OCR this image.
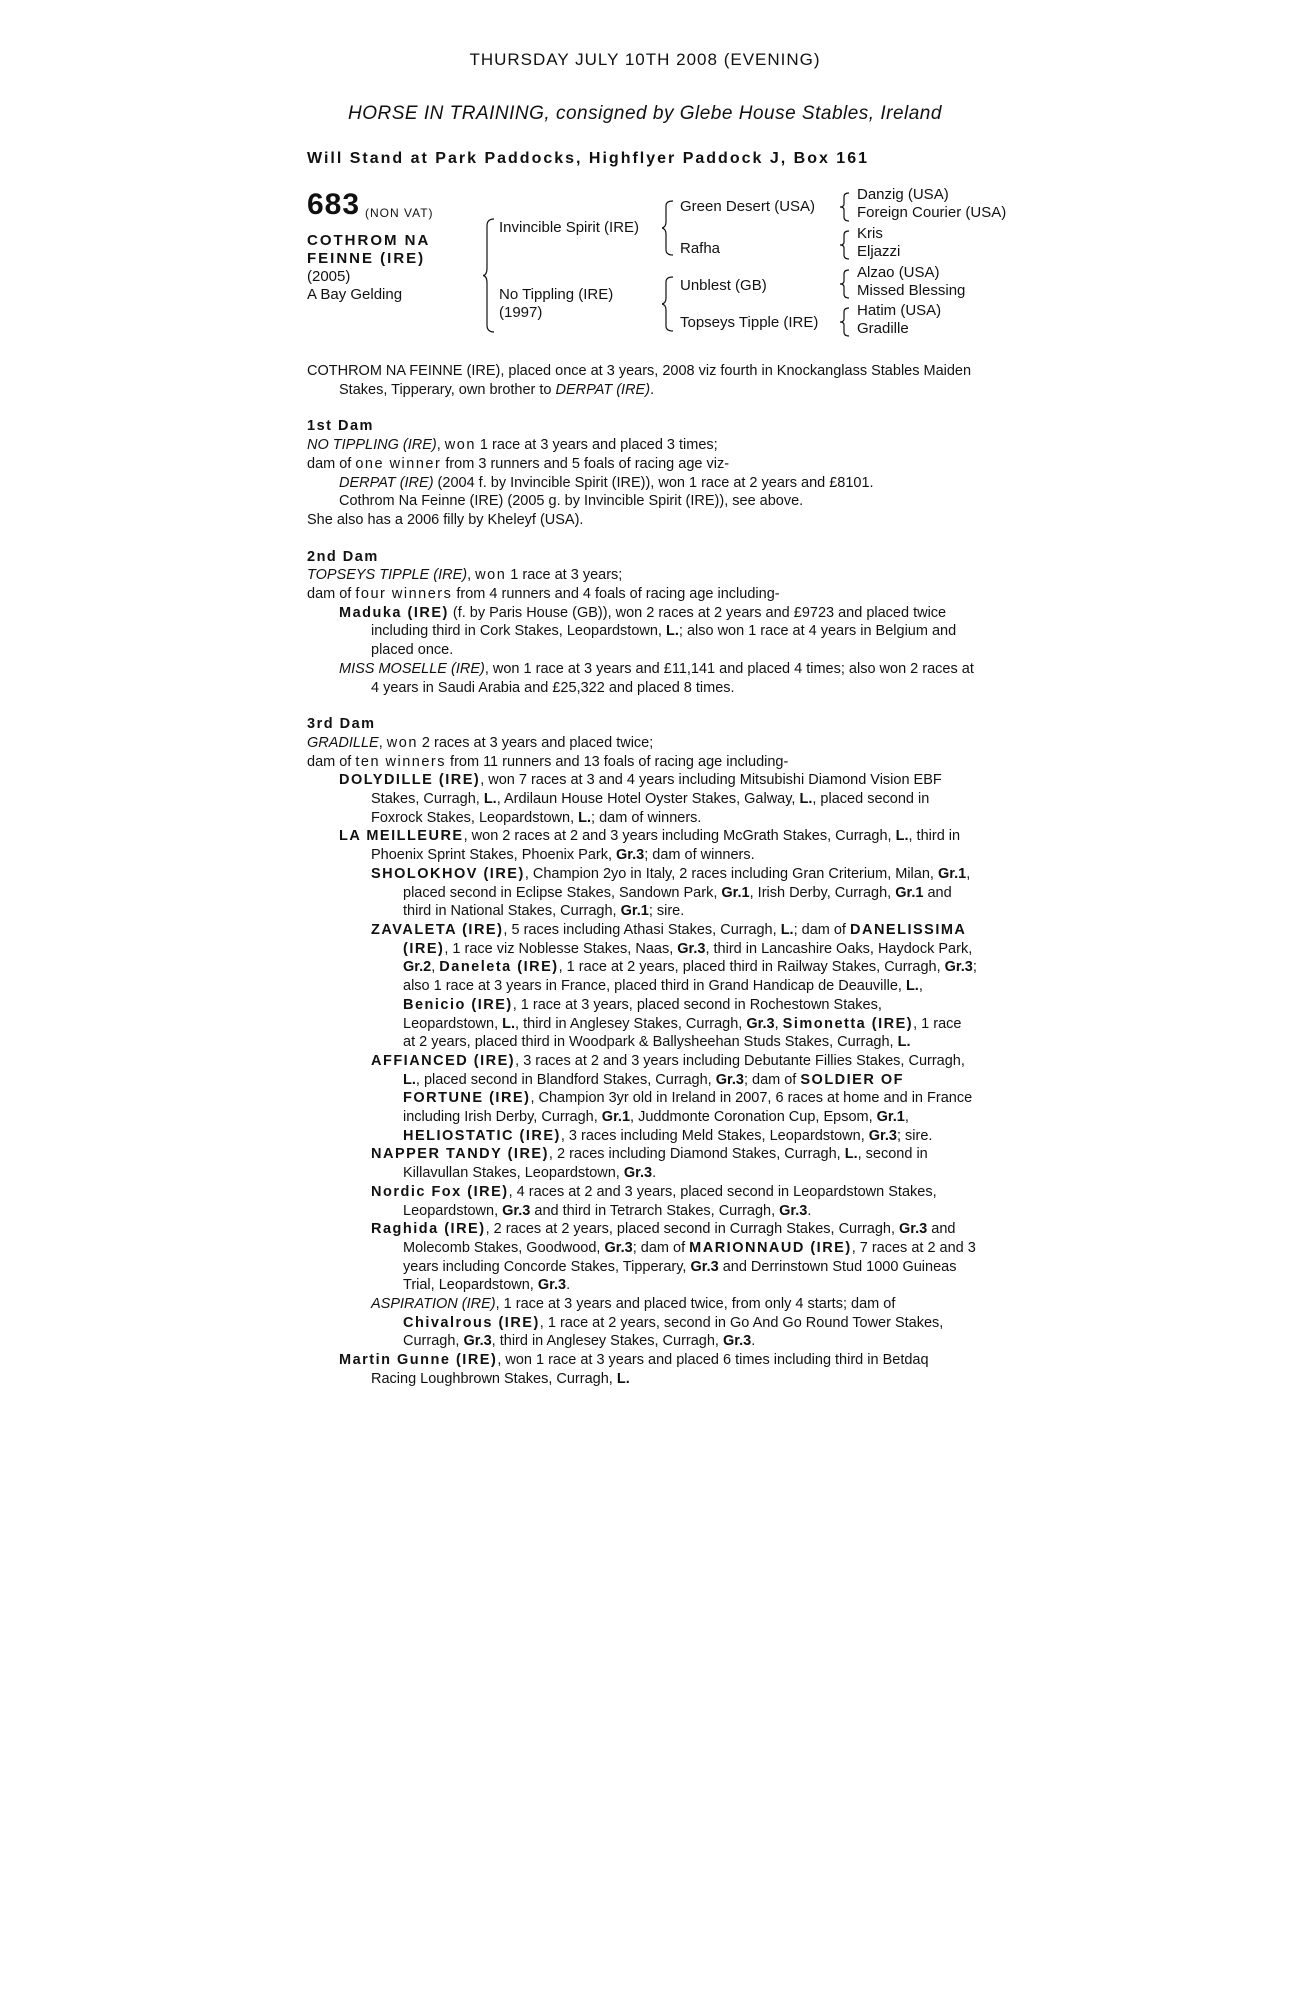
THURSDAY JULY 10TH 2008 (EVENING)
HORSE IN TRAINING, consigned by Glebe House Stables, Ireland
Will Stand at Park Paddocks, Highflyer Paddock J, Box 161
683 (NON VAT)
COTHROM NA
FEINNE (IRE)
(2005)
A Bay Gelding
Invincible Spirit (IRE)
No Tippling (IRE)
(1997)
Green Desert (USA)
Rafha
Unblest (GB)
Topseys Tipple (IRE)
Danzig (USA)
Foreign Courier (USA)
Kris
Eljazzi
Alzao (USA)
Missed Blessing
Hatim (USA)
Gradille

COTHROM NA FEINNE (IRE), placed once at 3 years, 2008 viz fourth in Knockanglass Stables Maiden Stakes, Tipperary, own brother to DERPAT (IRE).

1st Dam

NO TIPPLING (IRE), won 1 race at 3 years and placed 3 times;

dam of one winner from 3 runners and 5 foals of racing age viz-

DERPAT (IRE) (2004 f. by Invincible Spirit (IRE)), won 1 race at 2 years and £8101.

Cothrom Na Feinne (IRE) (2005 g. by Invincible Spirit (IRE)), see above.

She also has a 2006 filly by Kheleyf (USA).

2nd Dam

TOPSEYS TIPPLE (IRE), won 1 race at 3 years;

dam of four winners from 4 runners and 4 foals of racing age including-

Maduka (IRE) (f. by Paris House (GB)), won 2 races at 2 years and £9723 and placed twice including third in Cork Stakes, Leopardstown, L.; also won 1 race at 4 years in Belgium and placed once.

MISS MOSELLE (IRE), won 1 race at 3 years and £11,141 and placed 4 times; also won 2 races at 4 years in Saudi Arabia and £25,322 and placed 8 times.

3rd Dam

GRADILLE, won 2 races at 3 years and placed twice;

dam of ten winners from 11 runners and 13 foals of racing age including-

DOLYDILLE (IRE), won 7 races at 3 and 4 years including Mitsubishi Diamond Vision EBF Stakes, Curragh, L., Ardilaun House Hotel Oyster Stakes, Galway, L., placed second in Foxrock Stakes, Leopardstown, L.; dam of winners.

LA MEILLEURE, won 2 races at 2 and 3 years including McGrath Stakes, Curragh, L., third in Phoenix Sprint Stakes, Phoenix Park, Gr.3; dam of winners.

SHOLOKHOV (IRE), Champion 2yo in Italy, 2 races including Gran Criterium, Milan, Gr.1, placed second in Eclipse Stakes, Sandown Park, Gr.1, Irish Derby, Curragh, Gr.1 and third in National Stakes, Curragh, Gr.1; sire.

ZAVALETA (IRE), 5 races including Athasi Stakes, Curragh, L.; dam of DANELISSIMA (IRE), 1 race viz Noblesse Stakes, Naas, Gr.3, third in Lancashire Oaks, Haydock Park, Gr.2, Daneleta (IRE), 1 race at 2 years, placed third in Railway Stakes, Curragh, Gr.3; also 1 race at 3 years in France, placed third in Grand Handicap de Deauville, L., Benicio (IRE), 1 race at 3 years, placed second in Rochestown Stakes, Leopardstown, L., third in Anglesey Stakes, Curragh, Gr.3, Simonetta (IRE), 1 race at 2 years, placed third in Woodpark & Ballysheehan Studs Stakes, Curragh, L.

AFFIANCED (IRE), 3 races at 2 and 3 years including Debutante Fillies Stakes, Curragh, L., placed second in Blandford Stakes, Curragh, Gr.3; dam of SOLDIER OF FORTUNE (IRE), Champion 3yr old in Ireland in 2007, 6 races at home and in France including Irish Derby, Curragh, Gr.1, Juddmonte Coronation Cup, Epsom, Gr.1, HELIOSTATIC (IRE), 3 races including Meld Stakes, Leopardstown, Gr.3; sire.

NAPPER TANDY (IRE), 2 races including Diamond Stakes, Curragh, L., second in Killavullan Stakes, Leopardstown, Gr.3.

Nordic Fox (IRE), 4 races at 2 and 3 years, placed second in Leopardstown Stakes, Leopardstown, Gr.3 and third in Tetrarch Stakes, Curragh, Gr.3.

Raghida (IRE), 2 races at 2 years, placed second in Curragh Stakes, Curragh, Gr.3 and Molecomb Stakes, Goodwood, Gr.3; dam of MARIONNAUD (IRE), 7 races at 2 and 3 years including Concorde Stakes, Tipperary, Gr.3 and Derrinstown Stud 1000 Guineas Trial, Leopardstown, Gr.3.

ASPIRATION (IRE), 1 race at 3 years and placed twice, from only 4 starts; dam of Chivalrous (IRE), 1 race at 2 years, second in Go And Go Round Tower Stakes, Curragh, Gr.3, third in Anglesey Stakes, Curragh, Gr.3.

Martin Gunne (IRE), won 1 race at 3 years and placed 6 times including third in Betdaq Racing Loughbrown Stakes, Curragh, L.
